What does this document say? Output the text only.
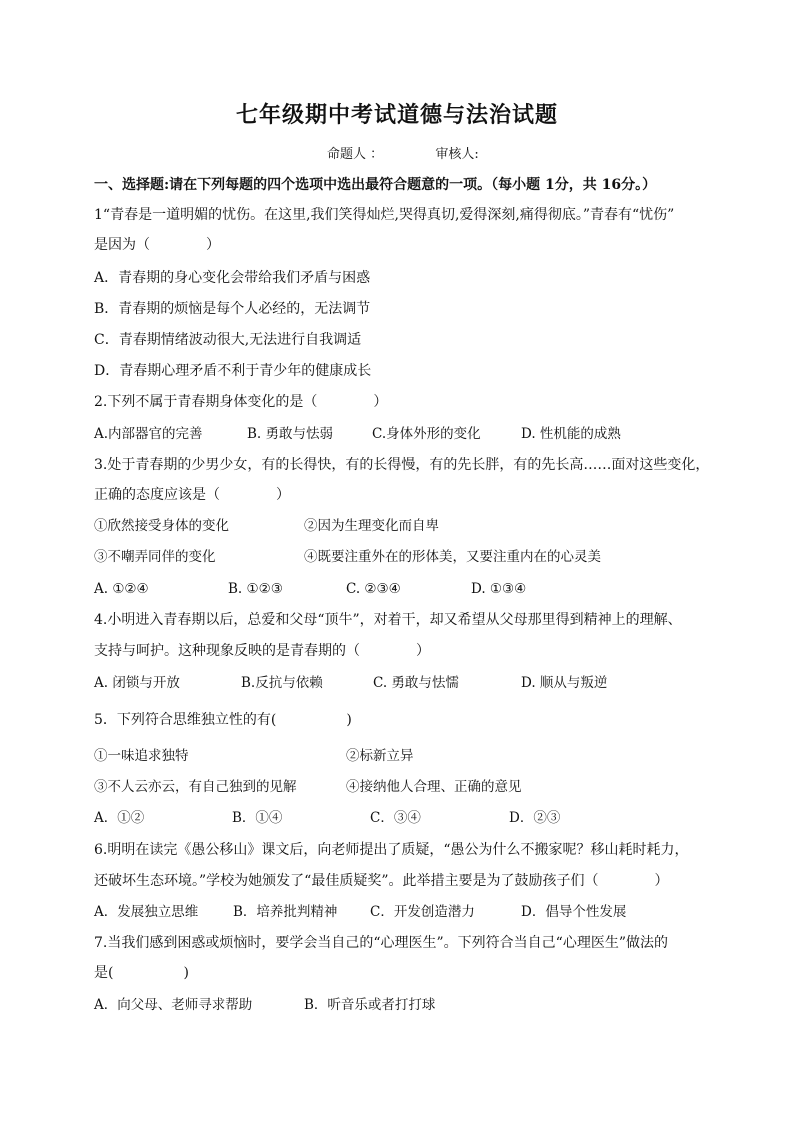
七年级期中考试道德与法治试题
命题人 ：	审核人:
一、选择题:请在下列每题的四个选项中选出最符合题意的一项。（每小题 1分，共 16分。）
1“青春是一道明媚的忧伤。在这里,我们笑得灿烂,哭得真切,爱得深刻,痛得彻底。”青春有“忧伤”
是因为（　　　　）
A．青春期的身心变化会带给我们矛盾与困惑
B．青春期的烦恼是每个人必经的，无法调节
C．青春期情绪波动很大,无法进行自我调适
D．青春期心理矛盾不利于青少年的健康成长
2.下列不属于青春期身体变化的是（　　　　）
A.内部器官的完善	B. 勇敢与怯弱	C.身体外形的变化	D. 性机能的成熟
3.处于青春期的少男少女，有的长得快，有的长得慢，有的先长胖，有的先长高……面对这些变化，
正确的态度应该是（　　　　）
①欣然接受身体的变化	②因为生理变化而自卑
③不嘲弄同伴的变化	④既要注重外在的形体美，又要注重内在的心灵美
A. ①②④	B. ①②③	C. ②③④	D. ①③④
4.小明进入青春期以后，总爱和父母“顶牛”，对着干，却又希望从父母那里得到精神上的理解、
支持与呵护。这种现象反映的是青春期的（　　　　）
A. 闭锁与开放	B.反抗与依赖	C. 勇敢与怯懦	D. 顺从与叛逆
5．下列符合思维独立性的有(　　　　　)
①一味追求独特	②标新立异
③不人云亦云，有自己独到的见解	④接纳他人合理、正确的意见
A．①②	B．①④	C．③④	D．②③
6.明明在读完《愚公移山》课文后，向老师提出了质疑，“愚公为什么不搬家呢？移山耗时耗力，
还破坏生态环境。”学校为她颁发了“最佳质疑奖”。此举措主要是为了鼓励孩子们（　　　　）
A．发展独立思维	B．培养批判精神 C．开发创造潜力	D．倡导个性发展
7.当我们感到困惑或烦恼时，要学会当自己的“心理医生”。下列符合当自己“心理医生”做法的
是(　　　　　)
A．向父母、老师寻求帮助	B．听音乐或者打打球
